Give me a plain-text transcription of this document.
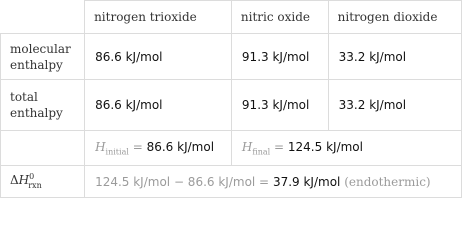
	nitrogen trioxide	nitric oxide	nitrogen dioxide
molecular
enthalpy	86.6 kJ/mol	91.3 kJ/mol	33.2 kJ/mol
total
enthalpy	86.6 kJ/mol	91.3 kJ/mol	33.2 kJ/mol
	$H_{initial} = 86.6$ kJ/mol	$H_{final} = 124.5$ kJ/mol	
$\Delta H^0_{rxn}$	124.5 kJ/mol − 86.6 kJ/mol = 37.9 kJ/mol (endothermic)		
